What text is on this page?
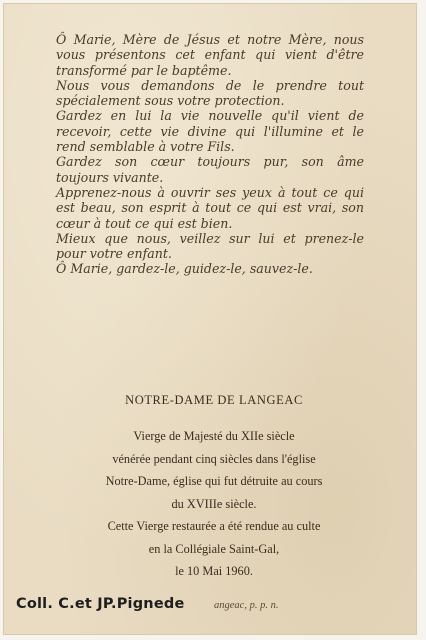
Ô Marie, Mère de Jésus et notre Mère, nous vous présentons cet enfant qui vient d'être transformé par le baptême.

Nous vous demandons de le prendre tout spécialement sous votre protection.

Gardez en lui la vie nouvelle qu'il vient de recevoir, cette vie divine qui l'illumine et le rend semblable à votre Fils.

Gardez son cœur toujours pur, son âme toujours vivante.

Apprenez-nous à ouvrir ses yeux à tout ce qui est beau, son esprit à tout ce qui est vrai, son cœur à tout ce qui est bien.

Mieux que nous, veillez sur lui et prenez-le pour votre enfant.

Ô Marie, gardez-le, guidez-le, sauvez-le.

NOTRE-DAME DE LANGEAC
Vierge de Majesté du XIIe siècle
vénérée pendant cinq siècles dans l'église
Notre-Dame, église qui fut détruite au cours
du XVIIIe siècle.
Cette Vierge restaurée a été rendue au culte
en la Collégiale Saint-Gal,
le 10 Mai 1960.
angeac, p. p. n.
Coll. C.et JP.Pignede
